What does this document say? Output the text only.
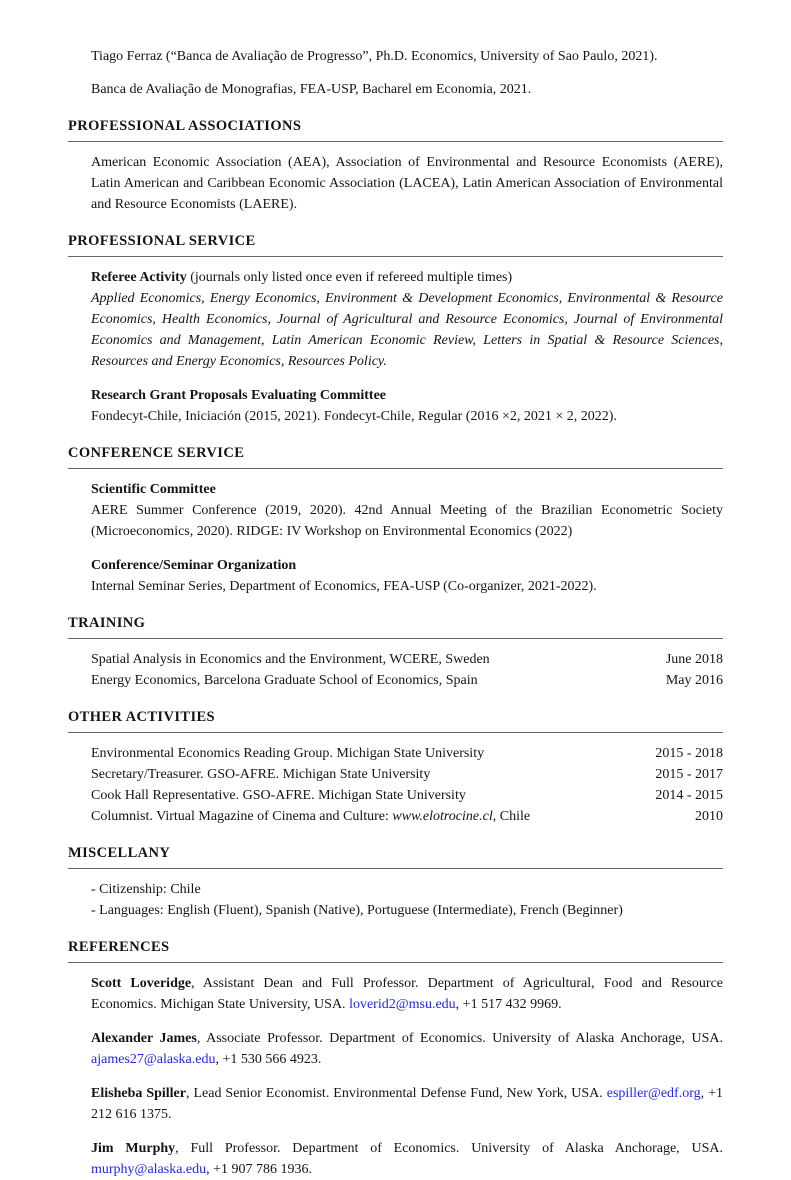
Tiago Ferraz (“Banca de Avaliação de Progresso”, Ph.D. Economics, University of Sao Paulo, 2021).

Banca de Avaliação de Monografias, FEA-USP, Bacharel em Economia, 2021.

PROFESSIONAL ASSOCIATIONS

American Economic Association (AEA), Association of Environmental and Resource Economists (AERE), Latin American and Caribbean Economic Association (LACEA), Latin American Association of Environmental and Resource Economists (LAERE).

PROFESSIONAL SERVICE

Referee Activity (journals only listed once even if refereed multiple times)
Applied Economics, Energy Economics, Environment & Development Economics, Environmental & Resource Economics, Health Economics, Journal of Agricultural and Resource Economics, Journal of Environmental Economics and Management, Latin American Economic Review, Letters in Spatial & Resource Sciences, Resources and Energy Economics, Resources Policy.

Research Grant Proposals Evaluating Committee
Fondecyt-Chile, Iniciación (2015, 2021). Fondecyt-Chile, Regular (2016 ×2, 2021 × 2, 2022).

CONFERENCE SERVICE

Scientific Committee
AERE Summer Conference (2019, 2020). 42nd Annual Meeting of the Brazilian Econometric Society (Microeconomics, 2020). RIDGE: IV Workshop on Environmental Economics (2022)

Conference/Seminar Organization
Internal Seminar Series, Department of Economics, FEA-USP (Co-organizer, 2021-2022).

TRAINING
Spatial Analysis in Economics and the Environment, WCERE, Sweden	June 2018
Energy Economics, Barcelona Graduate School of Economics, Spain	May 2016
OTHER ACTIVITIES
Environmental Economics Reading Group. Michigan State University	2015 - 2018
Secretary/Treasurer. GSO-AFRE. Michigan State University	2015 - 2017
Cook Hall Representative. GSO-AFRE. Michigan State University	2014 - 2015
Columnist. Virtual Magazine of Cinema and Culture: www.elotrocine.cl, Chile	2010
MISCELLANY

- Citizenship: Chile

- Languages: English (Fluent), Spanish (Native), Portuguese (Intermediate), French (Beginner)

REFERENCES

Scott Loveridge, Assistant Dean and Full Professor. Department of Agricultural, Food and Resource Economics. Michigan State University, USA. loverid2@msu.edu, +1 517 432 9969.

Alexander James, Associate Professor. Department of Economics. University of Alaska Anchorage, USA. ajames27@alaska.edu, +1 530 566 4923.

Elisheba Spiller, Lead Senior Economist. Environmental Defense Fund, New York, USA. espiller@edf.org, +1 212 616 1375.

Jim Murphy, Full Professor. Department of Economics. University of Alaska Anchorage, USA. murphy@alaska.edu, +1 907 786 1936.
